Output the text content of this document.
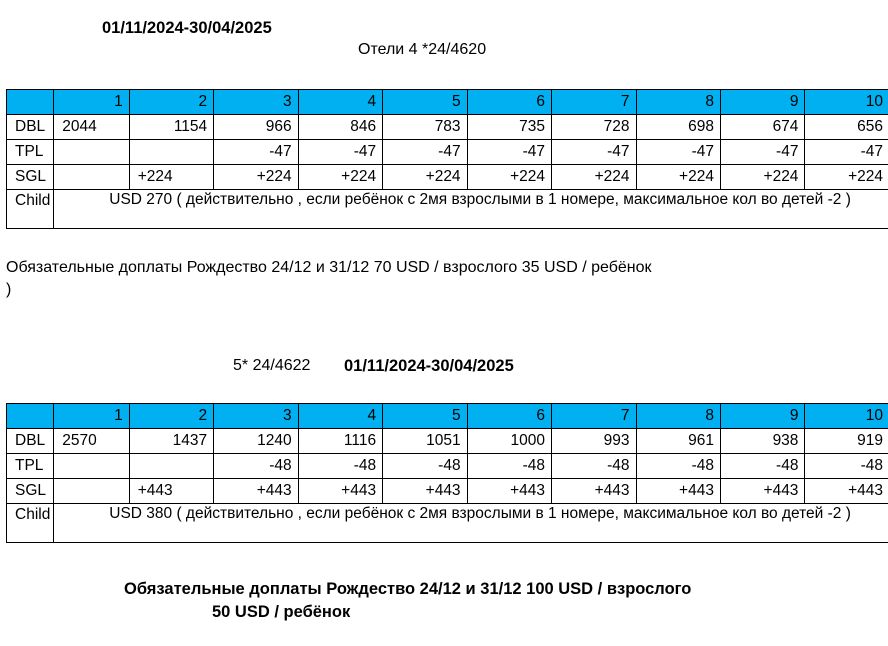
01/11/2024-30/04/2025
Отели 4 *24/4620
	1	2	3	4	5	6	7	8	9	10
DBL	2044	1154	966	846	783	735	728	698	674	656
TPL			-47	-47	-47	-47	-47	-47	-47	-47
SGL		+224	+224	+224	+224	+224	+224	+224	+224	+224
Child	USD 270 ( действительно , если ребёнок с 2мя взрослыми в 1 номере, максимальное кол во детей -2 )									
Обязательные доплаты Рождество 24/12 и 31/12 70 USD / взрослого 35 USD / ребёнок
)
5* 24/4622 01/11/2024-30/04/2025
	1	2	3	4	5	6	7	8	9	10
DBL	2570	1437	1240	1116	1051	1000	993	961	938	919
TPL			-48	-48	-48	-48	-48	-48	-48	-48
SGL		+443	+443	+443	+443	+443	+443	+443	+443	+443
Child	USD 380 ( действительно , если ребёнок с 2мя взрослыми в 1 номере, максимальное кол во детей -2 )									
Обязательные доплаты Рождество 24/12 и 31/12 100 USD / взрослого
50 USD / ребёнок
